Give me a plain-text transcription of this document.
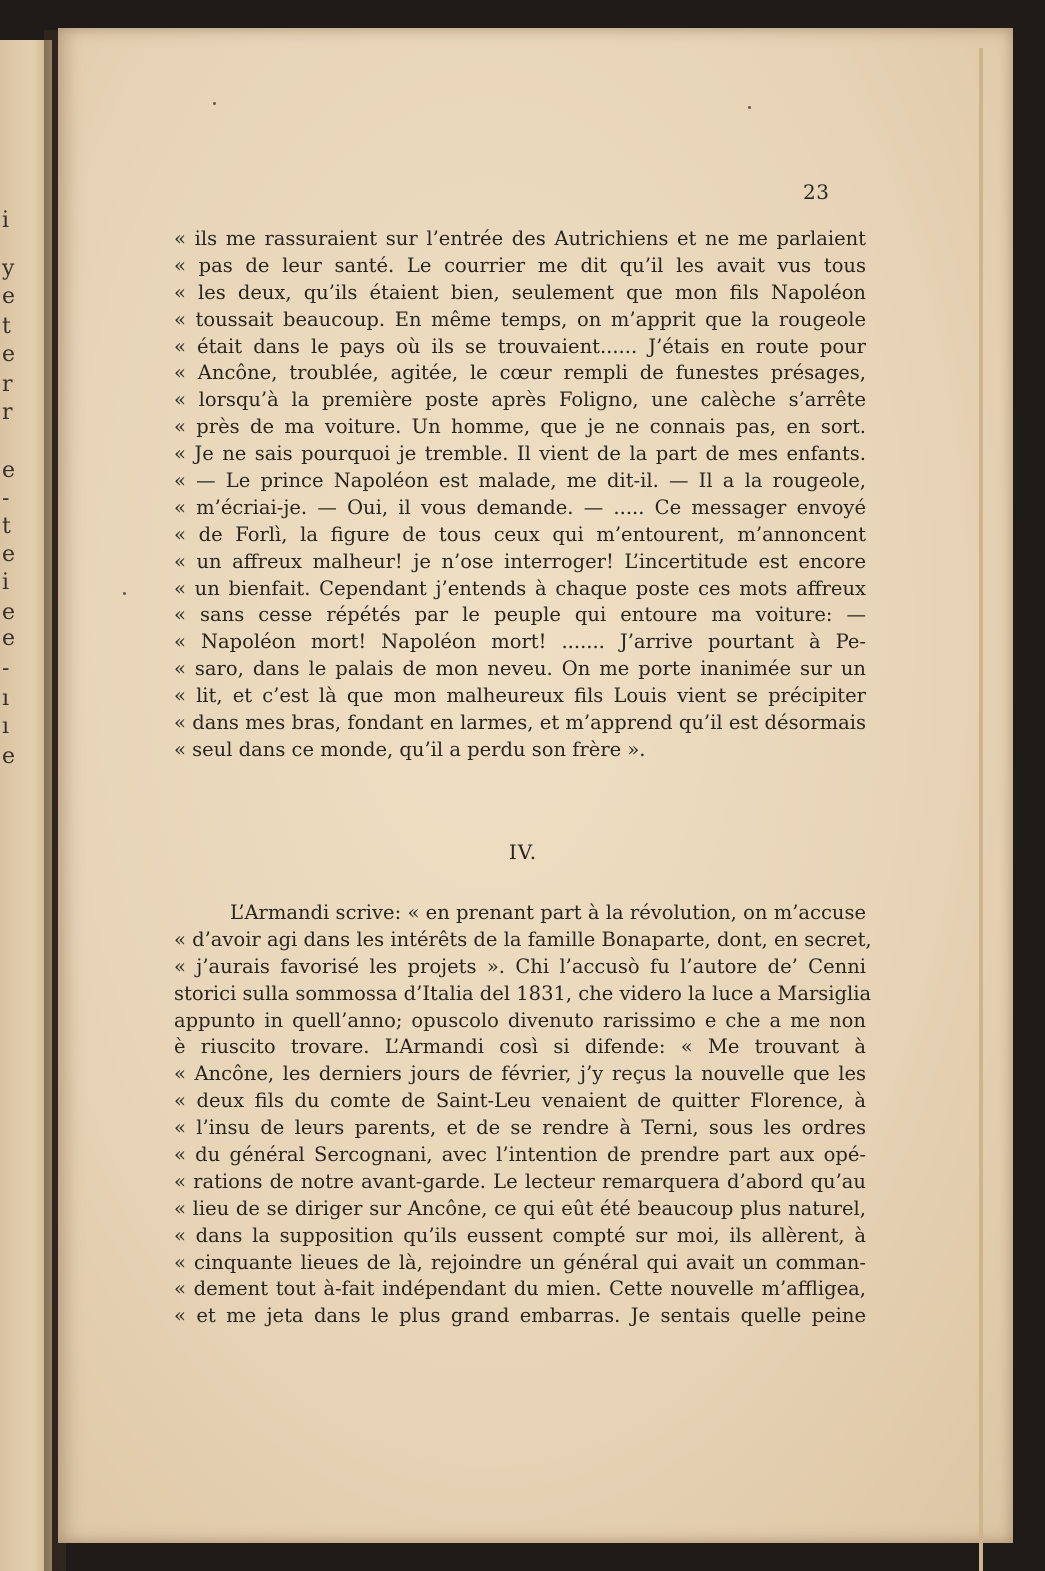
i
y
e
t
e
r
r
e
-
t
e
i
e
e
-
ı
ı
e
23
« ils me rassuraient sur l’entrée des Autrichiens et ne me parlaient
« pas de leur santé. Le courrier me dit qu’il les avait vus tous
« les deux, qu’ils étaient bien, seulement que mon fils Napoléon
« toussait beaucoup. En même temps, on m’apprit que la rougeole
« était dans le pays où ils se trouvaient...... J’étais en route pour
« Ancône, troublée, agitée, le cœur rempli de funestes présages,
« lorsqu’à la première poste après Foligno, une calèche s’arrête
« près de ma voiture. Un homme, que je ne connais pas, en sort.
« Je ne sais pourquoi je tremble. Il vient de la part de mes enfants.
« — Le prince Napoléon est malade, me dit-il. — Il a la rougeole,
« m’écriai-je. — Oui, il vous demande. — ..... Ce messager envoyé
« de Forlì, la figure de tous ceux qui m’entourent, m’annoncent
« un affreux malheur! je n’ose interroger! L’incertitude est encore
« un bienfait. Cependant j’entends à chaque poste ces mots affreux
« sans cesse répétés par le peuple qui entoure ma voiture: —
« Napoléon mort! Napoléon mort! ....... J’arrive pourtant à Pe-
« saro, dans le palais de mon neveu. On me porte inanimée sur un
« lit, et c’est là que mon malheureux fils Louis vient se précipiter
« dans mes bras, fondant en larmes, et m’apprend qu’il est désormais
« seul dans ce monde, qu’il a perdu son frère ».
IV.
L’Armandi scrive: « en prenant part à la révolution, on m’accuse
« d’avoir agi dans les intérêts de la famille Bonaparte, dont, en secret,
« j’aurais favorisé les projets ». Chi l’accusò fu l’autore de’ Cenni
storici sulla sommossa d’Italia del 1831, che videro la luce a Marsiglia
appunto in quell’anno; opuscolo divenuto rarissimo e che a me non
è riuscito trovare. L’Armandi così si difende: « Me trouvant à
« Ancône, les derniers jours de février, j’y reçus la nouvelle que les
« deux fils du comte de Saint-Leu venaient de quitter Florence, à
« l’insu de leurs parents, et de se rendre à Terni, sous les ordres
« du général Sercognani, avec l’intention de prendre part aux opé-
« rations de notre avant-garde. Le lecteur remarquera d’abord qu’au
« lieu de se diriger sur Ancône, ce qui eût été beaucoup plus naturel,
« dans la supposition qu’ils eussent compté sur moi, ils allèrent, à
« cinquante lieues de là, rejoindre un général qui avait un comman-
« dement tout à-fait indépendant du mien. Cette nouvelle m’affligea,
« et me jeta dans le plus grand embarras. Je sentais quelle peine
